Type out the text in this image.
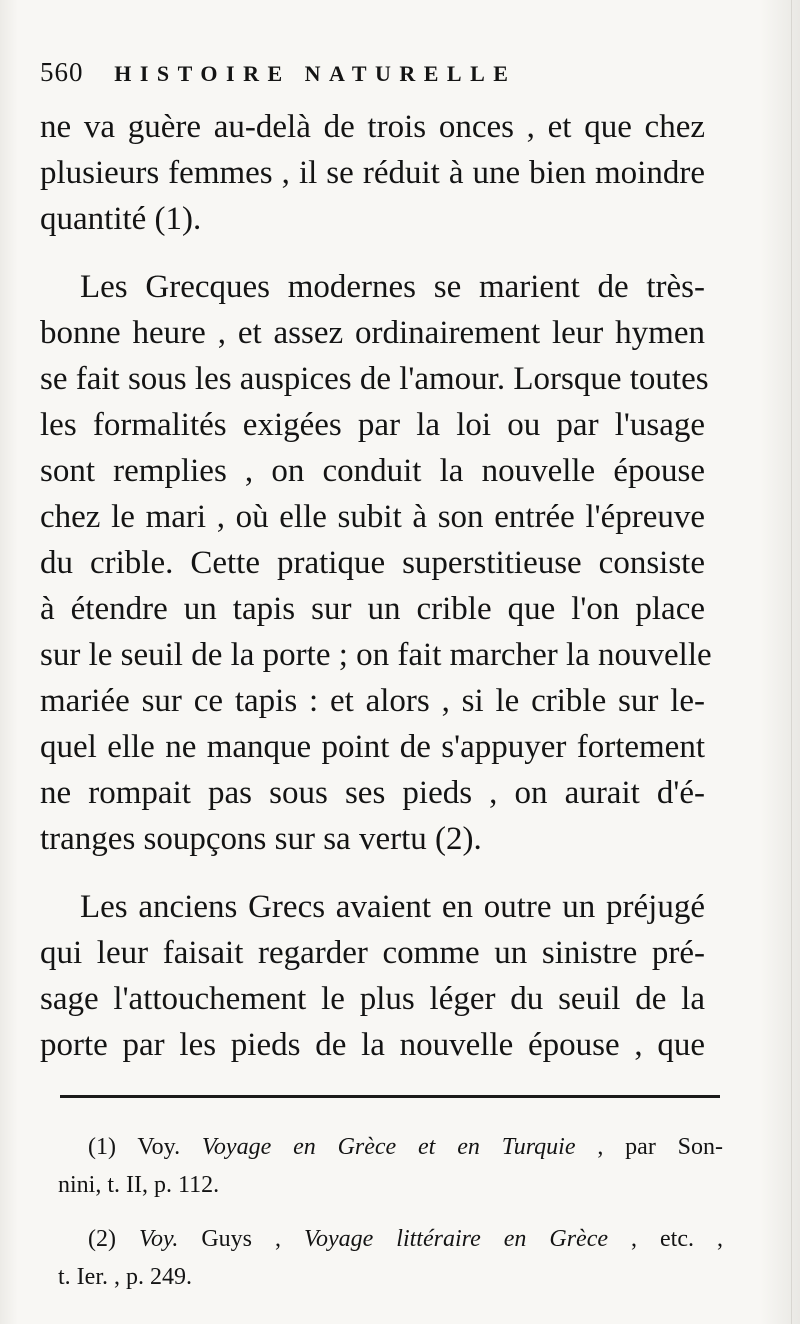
560 HISTOIRE NATURELLE
ne va guère au-delà de trois onces , et que chez
plusieurs femmes , il se réduit à une bien moindre
quantité (1).
Les Grecques modernes se marient de très-
bonne heure , et assez ordinairement leur hymen
se fait sous les auspices de l'amour. Lorsque toutes
les formalités exigées par la loi ou par l'usage
sont remplies , on conduit la nouvelle épouse
chez le mari , où elle subit à son entrée l'épreuve
du crible. Cette pratique superstitieuse consiste
à étendre un tapis sur un crible que l'on place
sur le seuil de la porte ; on fait marcher la nouvelle
mariée sur ce tapis : et alors , si le crible sur le-
quel elle ne manque point de s'appuyer fortement
ne rompait pas sous ses pieds , on aurait d'é-
tranges soupçons sur sa vertu (2).
Les anciens Grecs avaient en outre un préjugé
qui leur faisait regarder comme un sinistre pré-
sage l'attouchement le plus léger du seuil de la
porte par les pieds de la nouvelle épouse , que
(1) Voy. Voyage en Grèce et en Turquie , par Son-
nini, t. II, p. 112.
(2) Voy. Guys , Voyage littéraire en Grèce , etc. ,
t. Ier. , p. 249.
